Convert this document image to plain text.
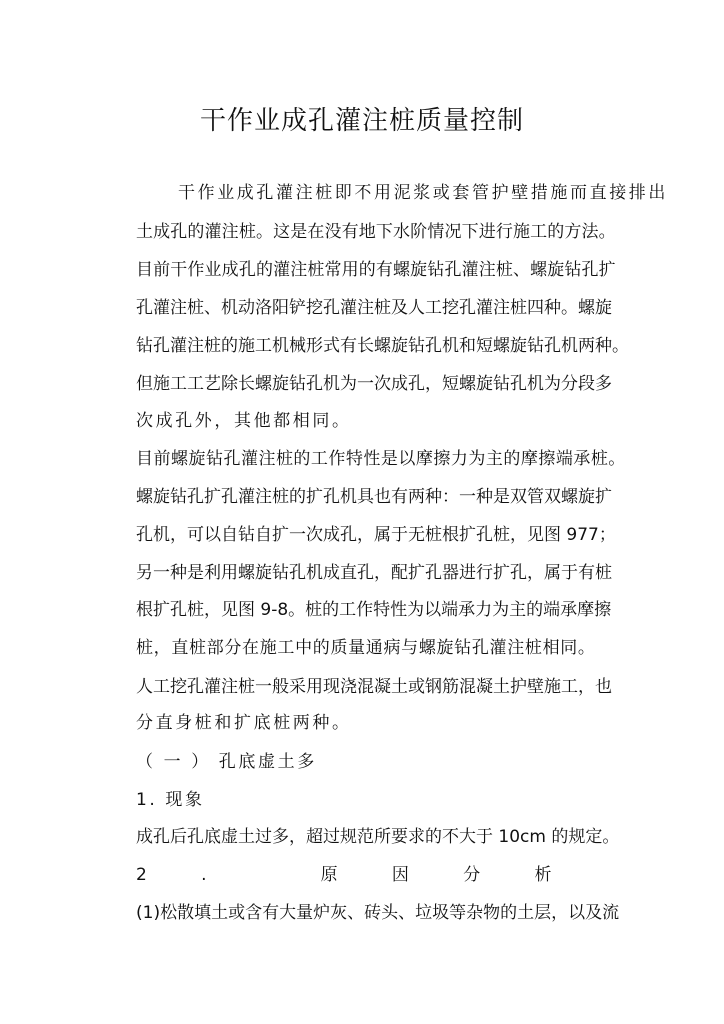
干作业成孔灌注桩质量控制
干作业成孔灌注桩即不用泥浆或套管护壁措施而直接排出
土成孔的灌注桩。这是在没有地下水阶情况下进行施工的方法。
目前干作业成孔的灌注桩常用的有螺旋钻孔灌注桩、螺旋钻孔扩
孔灌注桩、机动洛阳铲挖孔灌注桩及人工挖孔灌注桩四种。螺旋
钻孔灌注桩的施工机械形式有长螺旋钻孔机和短螺旋钻孔机两种。
但施工工艺除长螺旋钻孔机为一次成孔，短螺旋钻孔机为分段多
次成孔外，其他都相同。
目前螺旋钻孔灌注桩的工作特性是以摩擦力为主的摩擦端承桩。
螺旋钻孔扩孔灌注桩的扩孔机具也有两种：一种是双管双螺旋扩
孔机，可以自钻自扩一次成孔，属于无桩根扩孔桩，见图 977；
另一种是利用螺旋钻孔机成直孔，配扩孔器进行扩孔，属于有桩
根扩孔桩，见图 9-8。桩的工作特性为以端承力为主的端承摩擦
桩，直桩部分在施工中的质量通病与螺旋钻孔灌注桩相同。
人工挖孔灌注桩一般采用现浇混凝土或钢筋混凝土护壁施工，也
分直身桩和扩底桩两种。
（ 一 ） 孔底虚土多
1. 现象
成孔后孔底虚土过多，超过规范所要求的不大于 10cm 的规定。
2. 原因分析
(1)松散填土或含有大量炉灰、砖头、垃圾等杂物的土层，以及流
